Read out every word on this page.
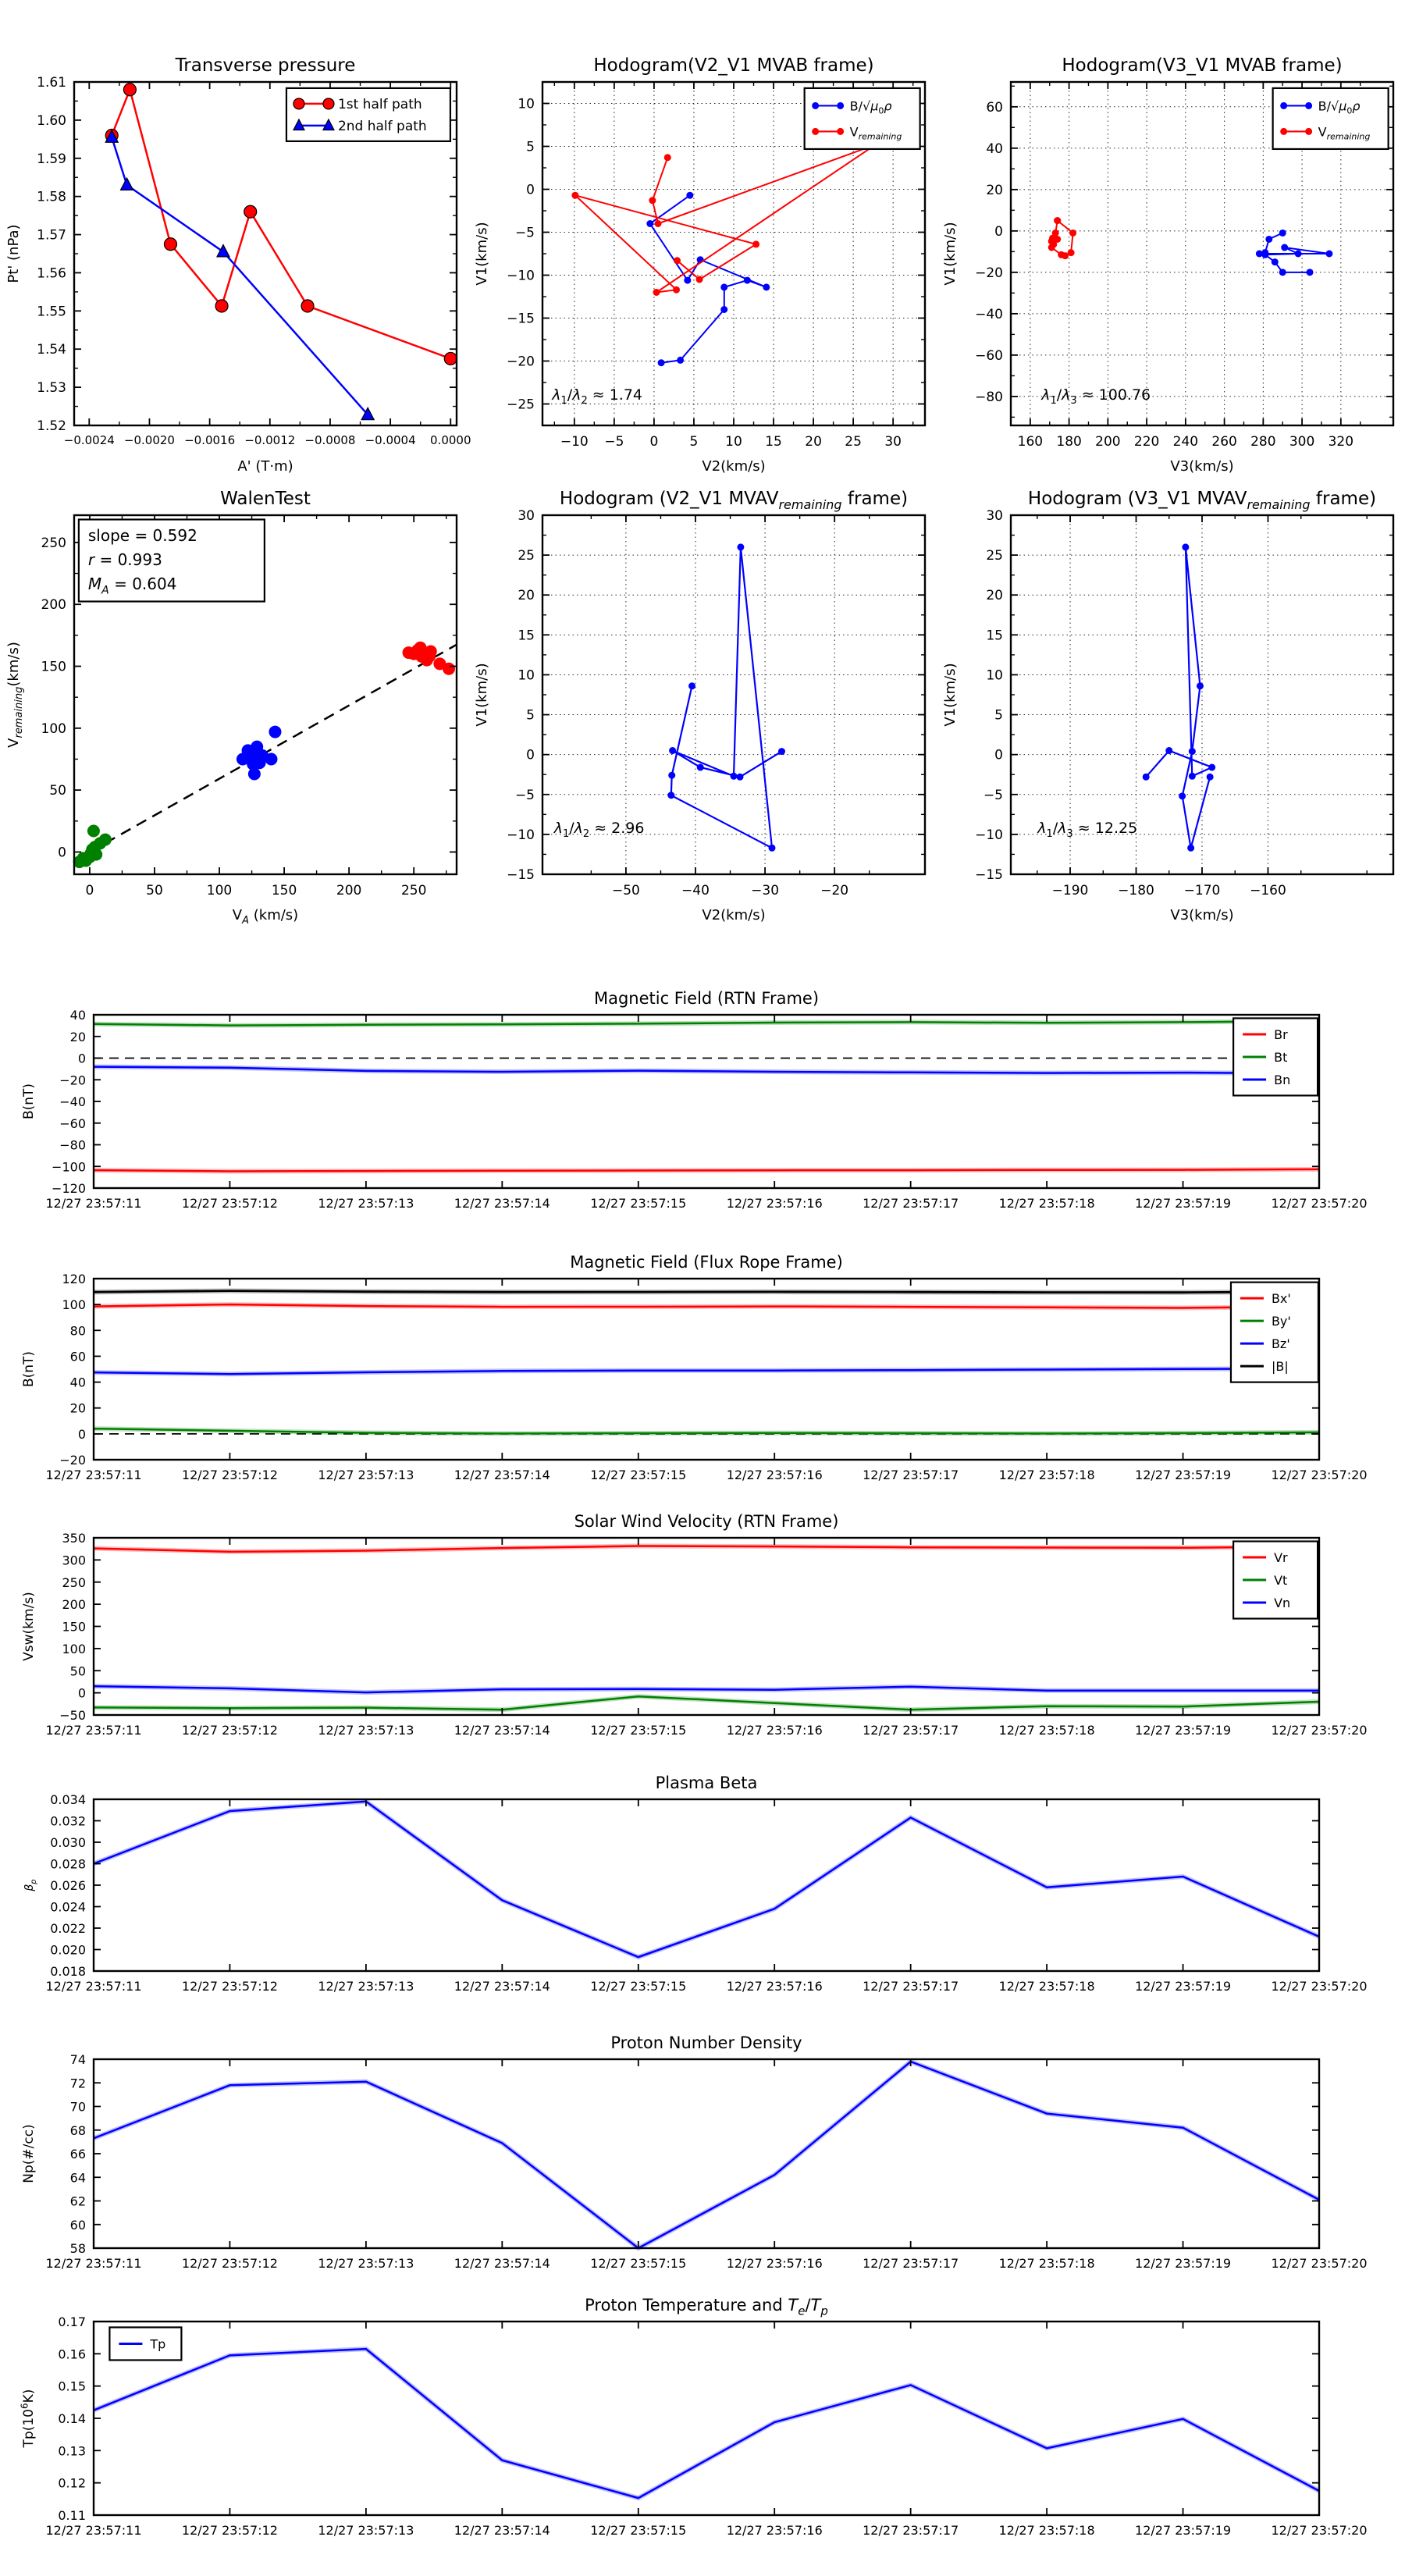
−0.0024 −0.0020 −0.0016 −0.0012 −0.0008 −0.0004 0.0000
1.52
1.53
1.54
1.55
1.56
1.57
1.58
1.59
1.60
1.61
Transverse pressure
A' (T·m)
Pt' (nPa)
1st half path
2nd half path
−10 −5 0 5 10 15 20 25 30
−25
−20
−15
−10
−5
0
5
10
Hodogram(V2_V1 MVAB frame)
V2(km/s)
V1(km/s)
$B/√\mu_0\rho$
$V_{remaining}$
$\lambda_1/\lambda_2 \approx 1.74$
160 180 200 220 240 260 280 300 320
−80
−60
−40
−20
0
20
40
60
Hodogram(V3_V1 MVAB frame)
V3(km/s)
V1(km/s)
$B/√\mu_0\rho$
$V_{remaining}$
$\lambda_1/\lambda_3 \approx 100.76$
0	50	100	150	200	250
0
50
100
150
200
250
WalenTest
$V_A$ (km/s)
$V_{remaining}(km/s)$
slope = 0.592
r = 0.993
$M_A = 0.604$
−50	−40	−30	−20
−15
−10
−5
0
5
10
15
20
25
30
Hodogram (V2_V1 $MVAV_{remaining}$ frame)
V2(km/s)
V1(km/s)
$\lambda_1/\lambda_2 \approx 2.96$
−190 −180 −170 −160
−15
−10
−5
0
5
10
15
20
25
30
Hodogram (V3_V1 $MVAV_{remaining}$ frame)
V3(km/s)
V1(km/s)
$\lambda_1/\lambda_3 \approx 12.25$
12/27 23:57:11	12/27 23:57:12	12/27 23:57:13	12/27 23:57:14	12/27 23:57:15	12/27 23:57:16	12/27 23:57:17	12/27 23:57:18	12/27 23:57:19	12/27 23:57:20
−120
−100
−80
−60
−40
−20
0
20
40
Magnetic Field (RTN Frame)
B(nT)
Br
Bt
Bn
12/27 23:57:11	12/27 23:57:12	12/27 23:57:13	12/27 23:57:14	12/27 23:57:15	12/27 23:57:16	12/27 23:57:17	12/27 23:57:18	12/27 23:57:19	12/27 23:57:20
−20
0
20
40
60
80
100
120
Magnetic Field (Flux Rope Frame)
B(nT)
Bx'
By'
Bz'
|B|
12/27 23:57:11	12/27 23:57:12	12/27 23:57:13	12/27 23:57:14	12/27 23:57:15	12/27 23:57:16	12/27 23:57:17	12/27 23:57:18	12/27 23:57:19	12/27 23:57:20
−50
0
50
100
150
200
250
300
350
Solar Wind Velocity (RTN Frame)
Vsw(km/s)
Vr
Vt
Vn
12/27 23:57:11	12/27 23:57:12	12/27 23:57:13	12/27 23:57:14	12/27 23:57:15	12/27 23:57:16	12/27 23:57:17	12/27 23:57:18	12/27 23:57:19	12/27 23:57:20
0.018
0.020
0.022
0.024
0.026
0.028
0.030
0.032
0.034
Plasma Beta
$\beta_p$
12/27 23:57:11	12/27 23:57:12	12/27 23:57:13	12/27 23:57:14	12/27 23:57:15	12/27 23:57:16	12/27 23:57:17	12/27 23:57:18	12/27 23:57:19	12/27 23:57:20
58
60
62
64
66
68
70
72
74
Proton Number Density
Np(#/cc)
12/27 23:57:11	12/27 23:57:12	12/27 23:57:13	12/27 23:57:14	12/27 23:57:15	12/27 23:57:16	12/27 23:57:17	12/27 23:57:18	12/27 23:57:19	12/27 23:57:20
0.11
0.12
0.13
0.14
0.15
0.16
0.17
Proton Temperature and $T_e/T_p$
$Tp(10^6K)$
Tp
